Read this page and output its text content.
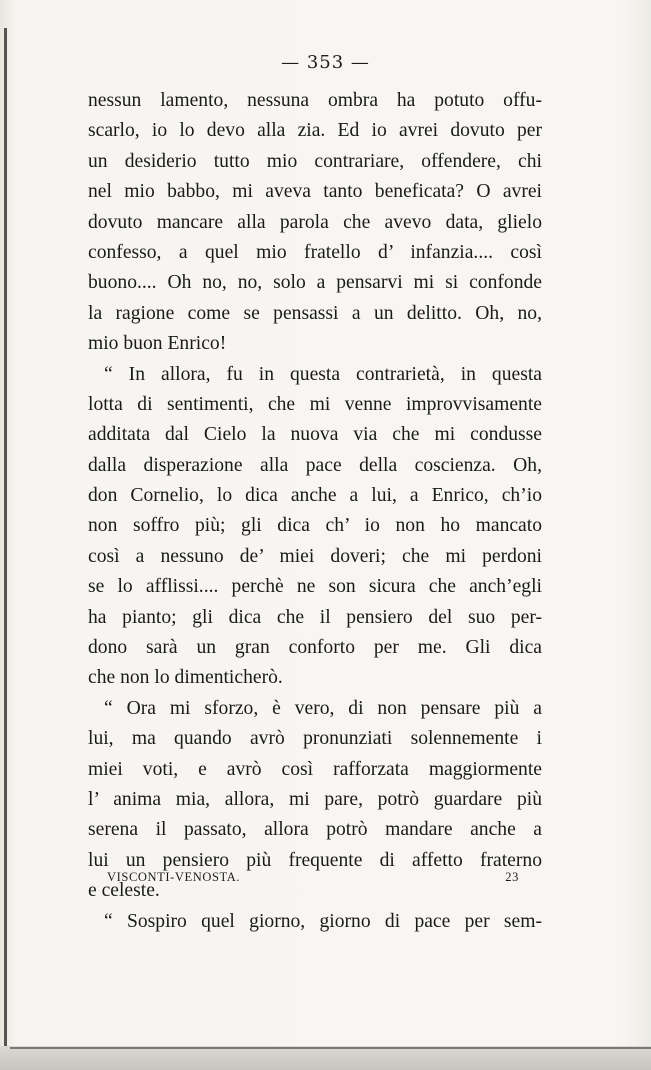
— 353 —
nessun lamento, nessuna ombra ha potuto offu-
scarlo, io lo devo alla zia. Ed io avrei dovuto per
un desiderio tutto mio contrariare, offendere, chi
nel mio babbo, mi aveva tanto beneficata? O avrei
dovuto mancare alla parola che avevo data, glielo
confesso, a quel mio fratello d’ infanzia.... così
buono.... Oh no, no, solo a pensarvi mi si confonde
la ragione come se pensassi a un delitto. Oh, no,
mio buon Enrico!
“ In allora, fu in questa contrarietà, in questa
lotta di sentimenti, che mi venne improvvisamente
additata dal Cielo la nuova via che mi condusse
dalla disperazione alla pace della coscienza. Oh,
don Cornelio, lo dica anche a lui, a Enrico, ch’io
non soffro più; gli dica ch’ io non ho mancato
così a nessuno de’ miei doveri; che mi perdoni
se lo afflissi.... perchè ne son sicura che anch’egli
ha pianto; gli dica che il pensiero del suo per-
dono sarà un gran conforto per me. Gli dica
che non lo dimenticherò.
“ Ora mi sforzo, è vero, di non pensare più a
lui, ma quando avrò pronunziati solennemente i
miei voti, e avrò così rafforzata maggiormente
l’ anima mia, allora, mi pare, potrò guardare più
serena il passato, allora potrò mandare anche a
lui un pensiero più frequente di affetto fraterno
e celeste.
“ Sospiro quel giorno, giorno di pace per sem-
VISCONTI-VENOSTA.	23
